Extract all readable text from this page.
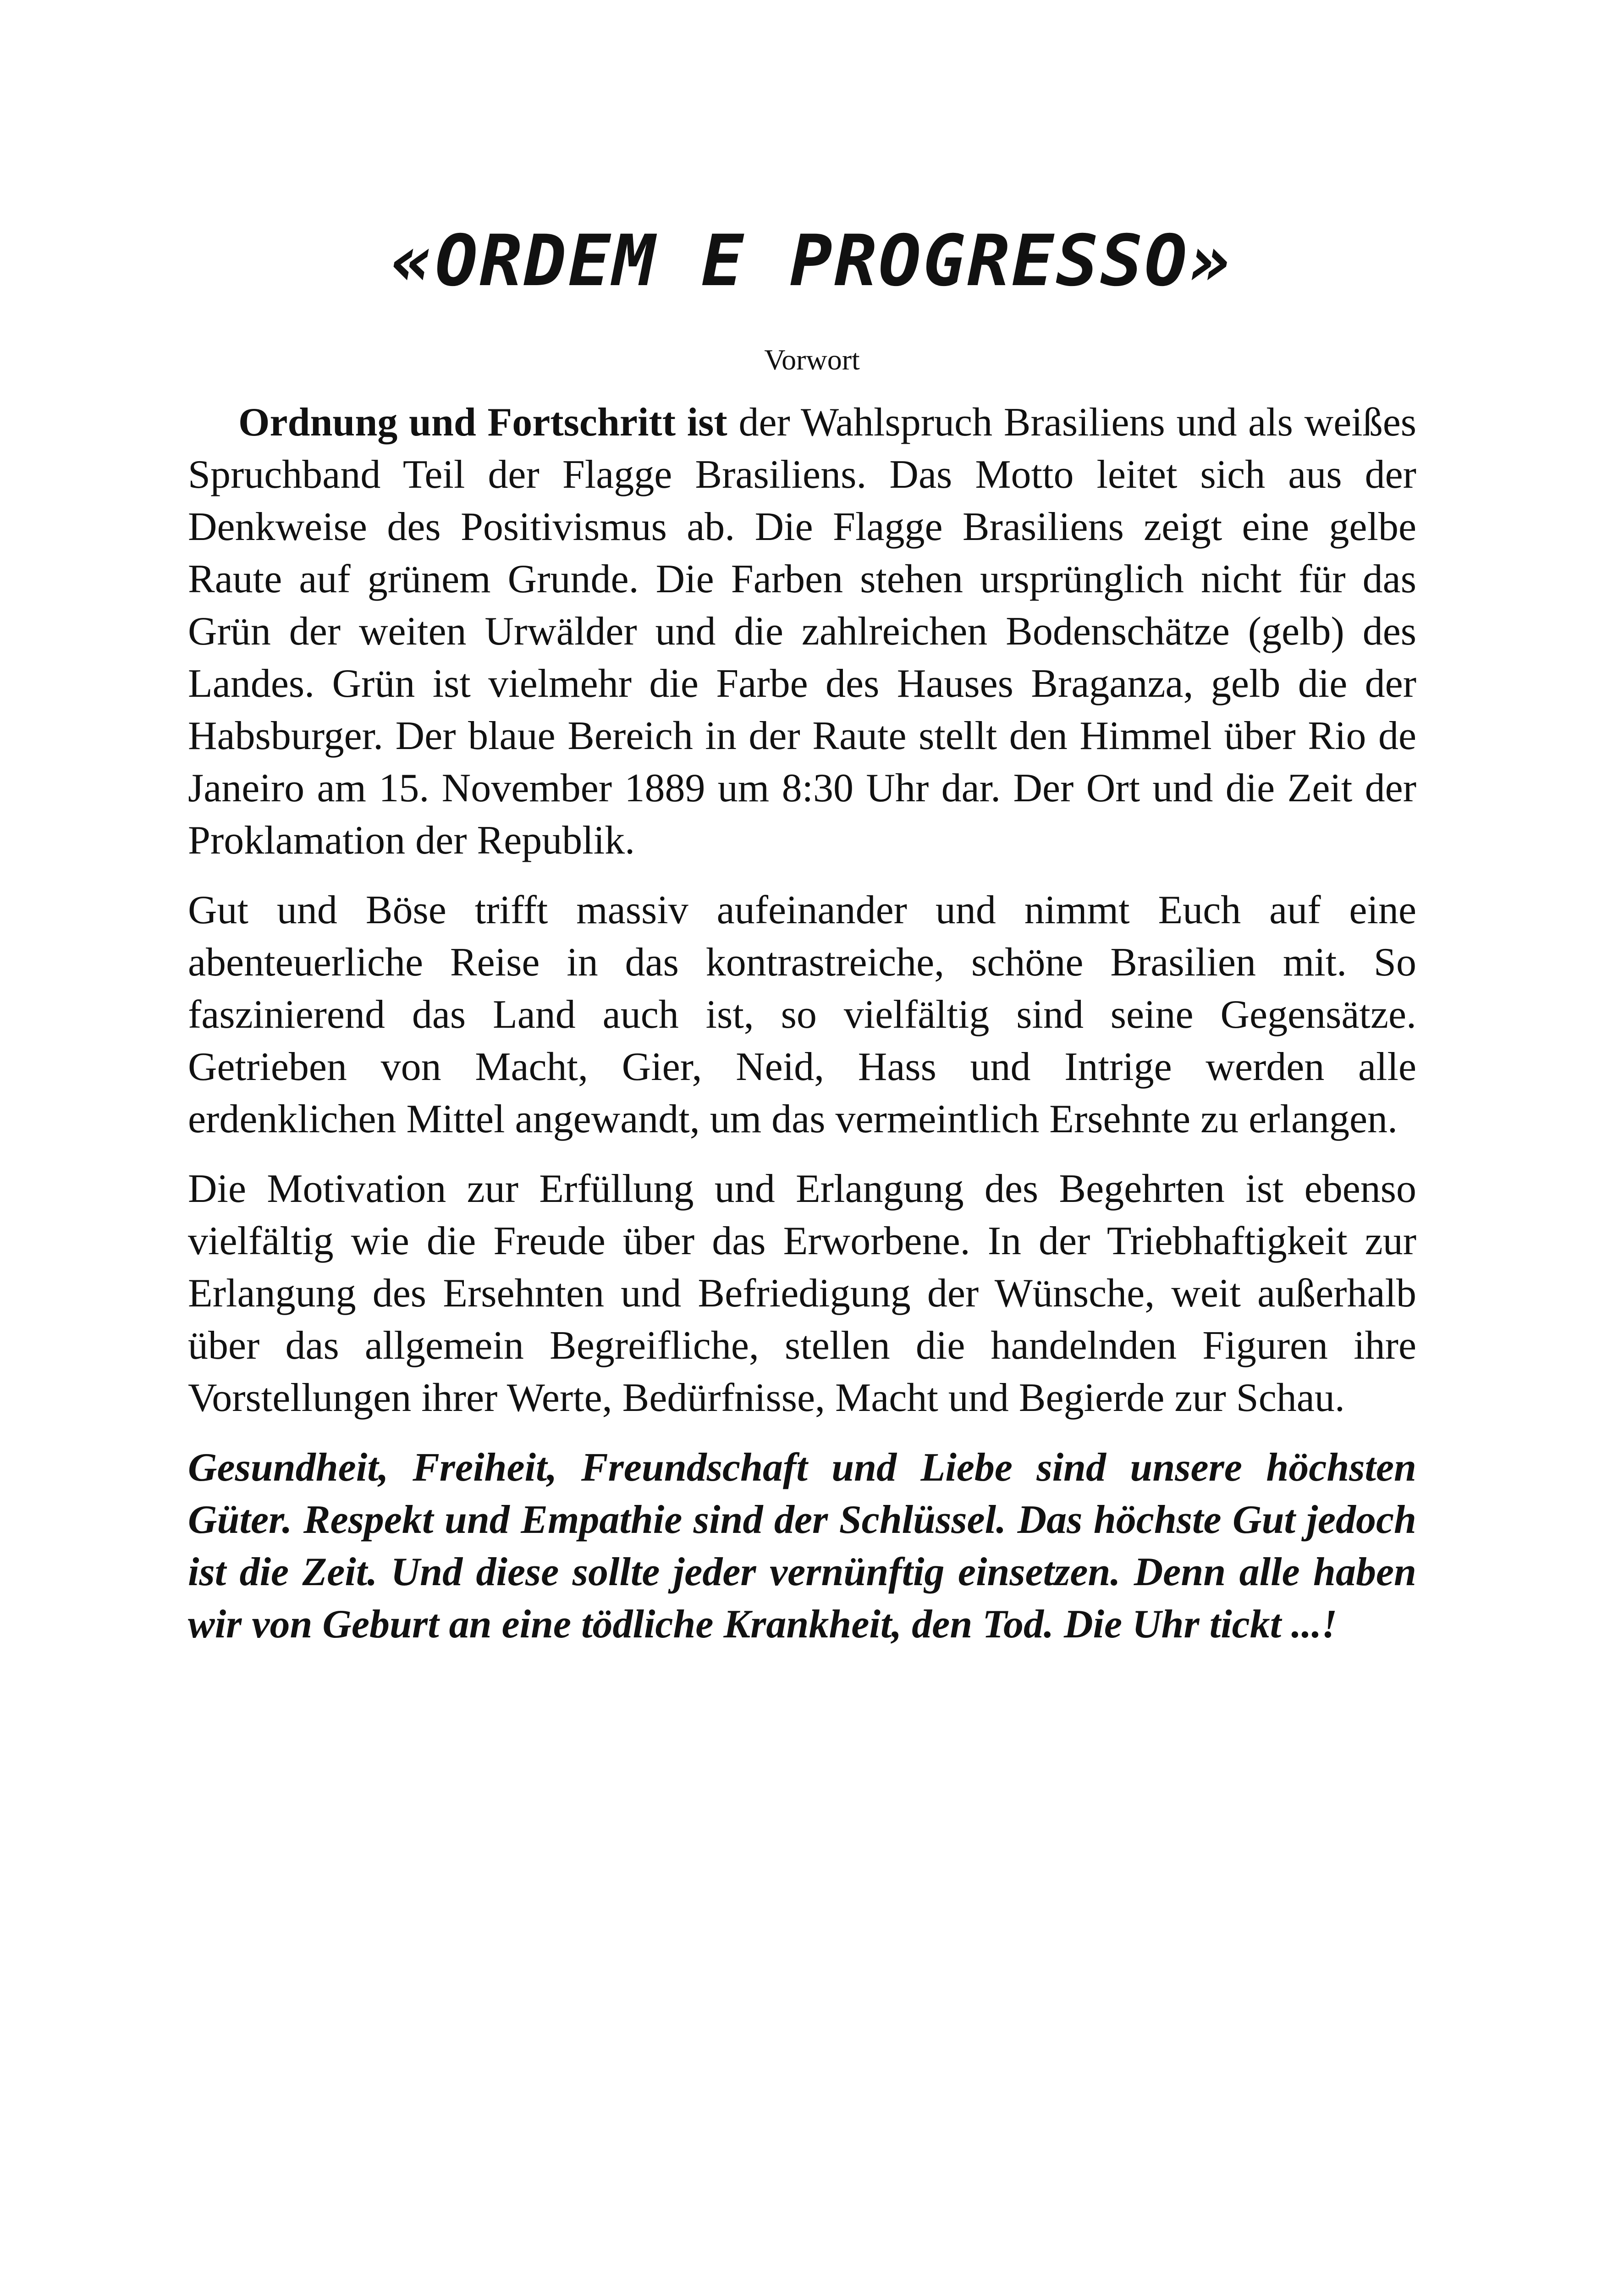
«ORDEM E PROGRESSO»
Vorwort

Ordnung und Fortschritt ist der Wahlspruch Brasiliens und als weißes Spruchband Teil der Flagge Brasiliens. Das Motto leitet sich aus der Denkweise des Positivismus ab. Die Flagge Brasiliens zeigt eine gelbe Raute auf grünem Grunde. Die Farben stehen ursprünglich nicht für das Grün der weiten Urwälder und die zahlreichen Bodenschätze (gelb) des Landes. Grün ist vielmehr die Farbe des Hauses Braganza, gelb die der Habsburger. Der blaue Bereich in der Raute stellt den Himmel über Rio de Janeiro am 15. November 1889 um 8:30 Uhr dar. Der Ort und die Zeit der Proklamation der Republik.

Gut und Böse trifft massiv aufeinander und nimmt Euch auf eine abenteuerliche Reise in das kontrastreiche, schöne Brasilien mit. So faszinierend das Land auch ist, so vielfältig sind seine Gegensätze. Getrieben von Macht, Gier, Neid, Hass und Intrige werden alle erdenklichen Mittel angewandt, um das vermeintlich Ersehnte zu erlangen.

Die Motivation zur Erfüllung und Erlangung des Begehrten ist ebenso vielfältig wie die Freude über das Erworbene. In der Triebhaftigkeit zur Erlangung des Ersehnten und Befriedigung der Wünsche, weit außerhalb über das allgemein Begreifliche, stellen die handelnden Figuren ihre Vorstellungen ihrer Werte, Bedürfnisse, Macht und Begierde zur Schau.

Gesundheit, Freiheit, Freundschaft und Liebe sind unsere höchsten Güter. Respekt und Empathie sind der Schlüssel. Das höchste Gut jedoch ist die Zeit. Und diese sollte jeder vernünftig einsetzen. Denn alle haben wir von Geburt an eine tödliche Krankheit, den Tod. Die Uhr tickt ...!
